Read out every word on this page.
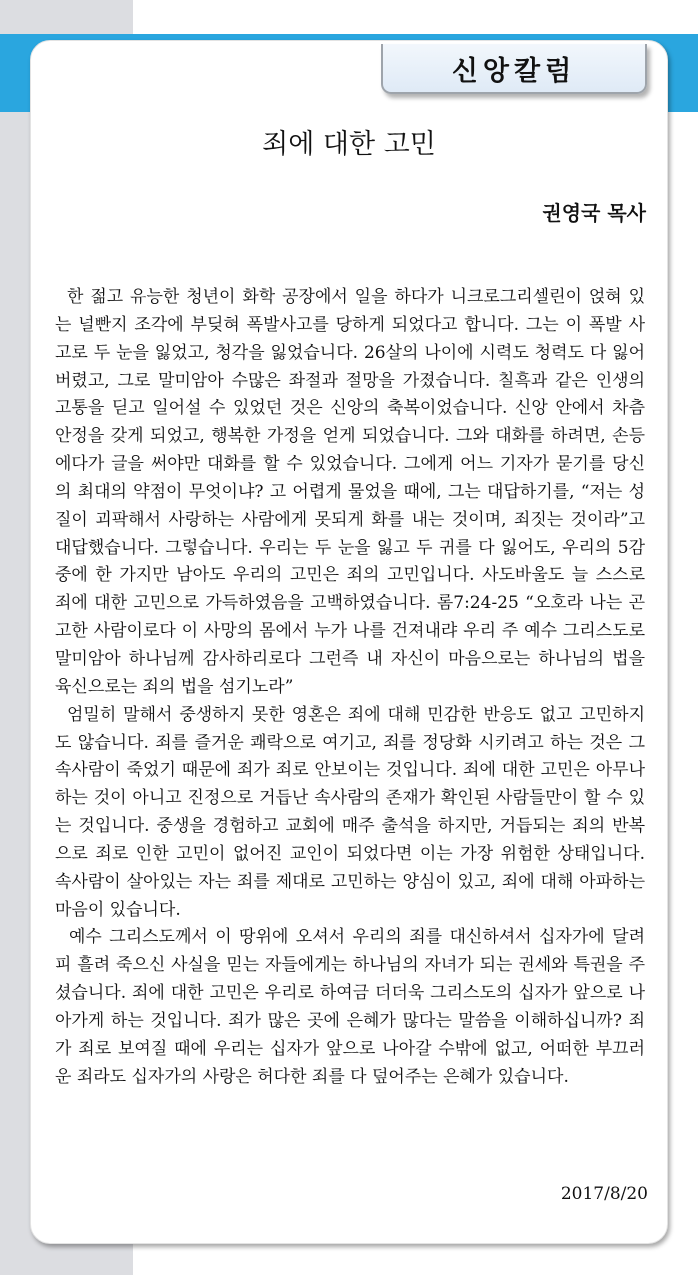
신앙칼럼
죄에 대한 고민
권영국 목사

한 젊고 유능한 청년이 화학 공장에서 일을 하다가 니크로그리셀린이 얹혀 있는 널빤지 조각에 부딪혀 폭발사고를 당하게 되었다고 합니다. 그는 이 폭발 사고로 두 눈을 잃었고, 청각을 잃었습니다. 26살의 나이에 시력도 청력도 다 잃어버렸고, 그로 말미암아 수많은 좌절과 절망을 가졌습니다. 칠흑과 같은 인생의 고통을 딛고 일어설 수 있었던 것은 신앙의 축복이었습니다. 신앙 안에서 차츰 안정을 갖게 되었고, 행복한 가정을 얻게 되었습니다. 그와 대화를 하려면, 손등에다가 글을 써야만 대화를 할 수 있었습니다. 그에게 어느 기자가 묻기를 당신의 최대의 약점이 무엇이냐? 고 어렵게 물었을 때에, 그는 대답하기를, “저는 성질이 괴팍해서 사랑하는 사람에게 못되게 화를 내는 것이며, 죄짓는 것이라”고 대답했습니다. 그렇습니다. 우리는 두 눈을 잃고 두 귀를 다 잃어도, 우리의 5감 중에 한 가지만 남아도 우리의 고민은 죄의 고민입니다. 사도바울도 늘 스스로 죄에 대한 고민으로 가득하였음을 고백하였습니다. 롬7:24-25 “오호라 나는 곤고한 사람이로다 이 사망의 몸에서 누가 나를 건져내랴 우리 주 예수 그리스도로 말미암아 하나님께 감사하리로다 그런즉 내 자신이 마음으로는 하나님의 법을 육신으로는 죄의 법을 섬기노라”

엄밀히 말해서 중생하지 못한 영혼은 죄에 대해 민감한 반응도 없고 고민하지도 않습니다. 죄를 즐거운 쾌락으로 여기고, 죄를 정당화 시키려고 하는 것은 그 속사람이 죽었기 때문에 죄가 죄로 안보이는 것입니다. 죄에 대한 고민은 아무나 하는 것이 아니고 진정으로 거듭난 속사람의 존재가 확인된 사람들만이 할 수 있는 것입니다. 중생을 경험하고 교회에 매주 출석을 하지만, 거듭되는 죄의 반복으로 죄로 인한 고민이 없어진 교인이 되었다면 이는 가장 위험한 상태입니다. 속사람이 살아있는 자는 죄를 제대로 고민하는 양심이 있고, 죄에 대해 아파하는 마음이 있습니다.

예수 그리스도께서 이 땅위에 오셔서 우리의 죄를 대신하셔서 십자가에 달려 피 흘려 죽으신 사실을 믿는 자들에게는 하나님의 자녀가 되는 권세와 특권을 주셨습니다. 죄에 대한 고민은 우리로 하여금 더더욱 그리스도의 십자가 앞으로 나아가게 하는 것입니다. 죄가 많은 곳에 은혜가 많다는 말씀을 이해하십니까? 죄가 죄로 보여질 때에 우리는 십자가 앞으로 나아갈 수밖에 없고, 어떠한 부끄러운 죄라도 십자가의 사랑은 허다한 죄를 다 덮어주는 은혜가 있습니다.

2017/8/20
